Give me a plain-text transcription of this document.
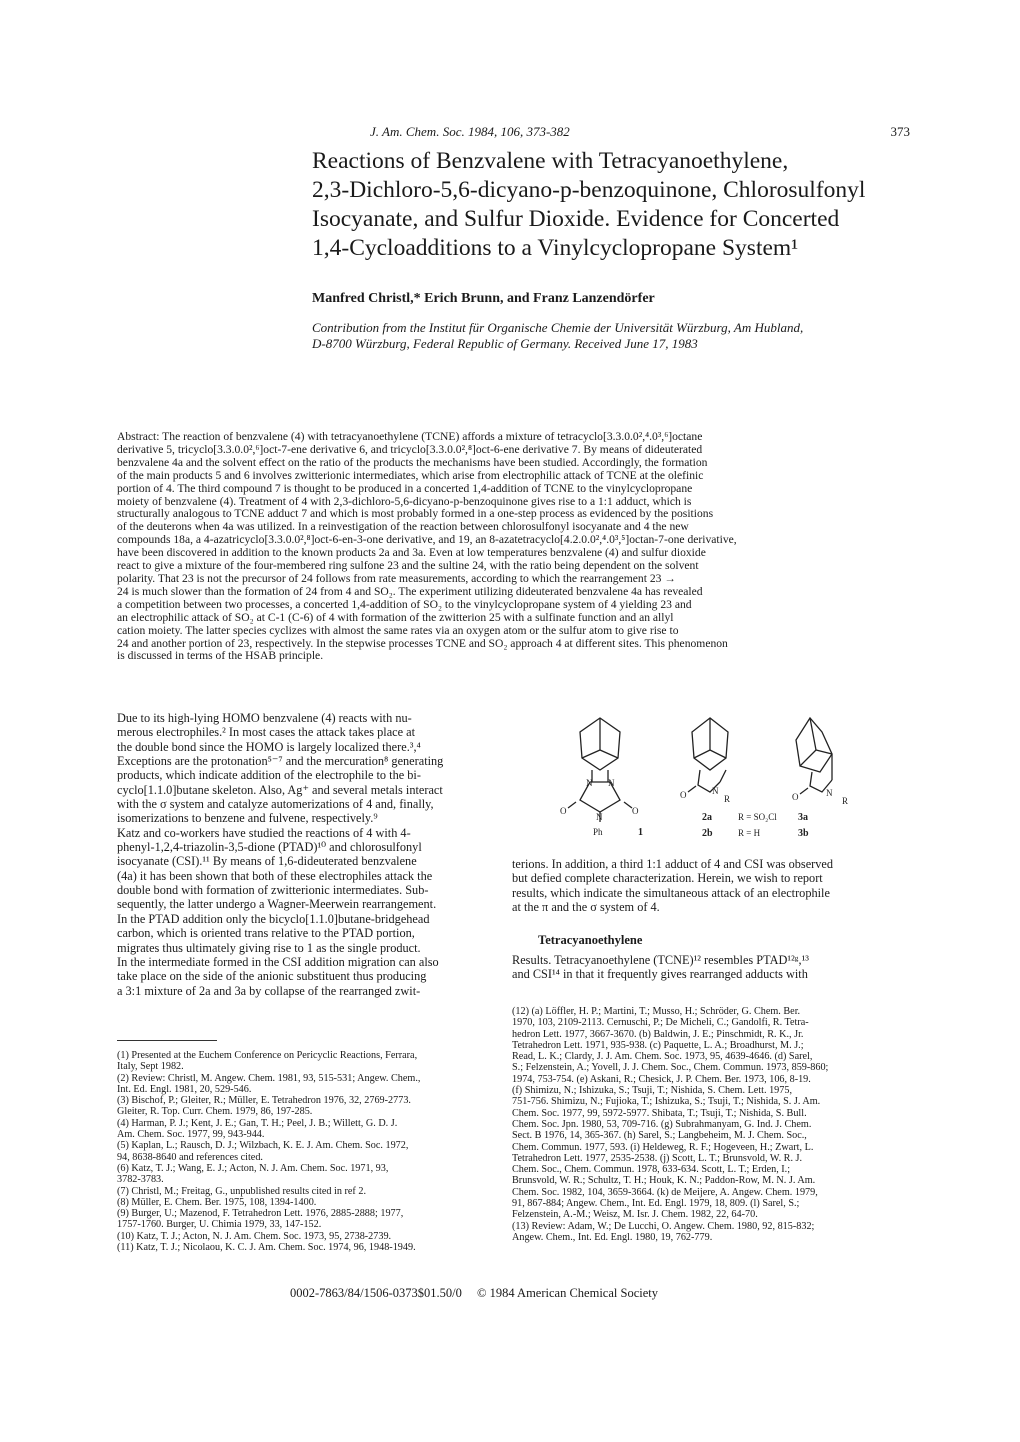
J. Am. Chem. Soc. 1984, 106, 373-382	373

Reactions of Benzvalene with Tetracyanoethylene,

2,3-Dichloro-5,6-dicyano-p-benzoquinone, Chlorosulfonyl

Isocyanate, and Sulfur Dioxide. Evidence for Concerted

1,4-Cycloadditions to a Vinylcyclopropane System¹

Manfred Christl,* Erich Brunn, and Franz Lanzendörfer

Contribution from the Institut für Organische Chemie der Universität Würzburg, Am Hubland,

D-8700 Würzburg, Federal Republic of Germany. Received June 17, 1983

Abstract: The reaction of benzvalene (4) with tetracyanoethylene (TCNE) affords a mixture of tetracyclo[3.3.0.0²,⁴.0³,⁶]octane

derivative 5, tricyclo[3.3.0.0²,⁶]oct-7-ene derivative 6, and tricyclo[3.3.0.0²,⁸]oct-6-ene derivative 7. By means of dideuterated

benzvalene 4a and the solvent effect on the ratio of the products the mechanisms have been studied. Accordingly, the formation

of the main products 5 and 6 involves zwitterionic intermediates, which arise from electrophilic attack of TCNE at the olefinic

portion of 4. The third compound 7 is thought to be produced in a concerted 1,4-addition of TCNE to the vinylcyclopropane

moiety of benzvalene (4). Treatment of 4 with 2,3-dichloro-5,6-dicyano-p-benzoquinone gives rise to a 1:1 adduct, which is

structurally analogous to TCNE adduct 7 and which is most probably formed in a one-step process as evidenced by the positions

of the deuterons when 4a was utilized. In a reinvestigation of the reaction between chlorosulfonyl isocyanate and 4 the new

compounds 18a, a 4-azatricyclo[3.3.0.0²,⁸]oct-6-en-3-one derivative, and 19, an 8-azatetracyclo[4.2.0.0²,⁴.0³,⁵]octan-7-one derivative,

have been discovered in addition to the known products 2a and 3a. Even at low temperatures benzvalene (4) and sulfur dioxide

react to give a mixture of the four-membered ring sulfone 23 and the sultine 24, with the ratio being dependent on the solvent

polarity. That 23 is not the precursor of 24 follows from rate measurements, according to which the rearrangement 23 →

24 is much slower than the formation of 24 from 4 and SO₂. The experiment utilizing dideuterated benzvalene 4a has revealed

a competition between two processes, a concerted 1,4-addition of SO₂ to the vinylcyclopropane system of 4 yielding 23 and

an electrophilic attack of SO₂ at C-1 (C-6) of 4 with formation of the zwitterion 25 with a sulfinate function and an allyl

cation moiety. The latter species cyclizes with almost the same rates via an oxygen atom or the sulfur atom to give rise to

24 and another portion of 23, respectively. In the stepwise processes TCNE and SO₂ approach 4 at different sites. This phenomenon

is discussed in terms of the HSAB principle.

Due to its high-lying HOMO benzvalene (4) reacts with nu-

merous electrophiles.² In most cases the attack takes place at

the double bond since the HOMO is largely localized there.³,⁴

Exceptions are the protonation⁵⁻⁷ and the mercuration⁸ generating

products, which indicate addition of the electrophile to the bi-

cyclo[1.1.0]butane skeleton. Also, Ag⁺ and several metals interact

with the σ system and catalyze automerizations of 4 and, finally,

isomerizations to benzene and fulvene, respectively.⁹

Katz and co-workers have studied the reactions of 4 with 4-

phenyl-1,2,4-triazolin-3,5-dione (PTAD)¹⁰ and chlorosulfonyl

isocyanate (CSI).¹¹ By means of 1,6-dideuterated benzvalene

(4a) it has been shown that both of these electrophiles attack the

double bond with formation of zwitterionic intermediates. Sub-

sequently, the latter undergo a Wagner-Meerwein rearrangement.

In the PTAD addition only the bicyclo[1.1.0]butane-bridgehead

carbon, which is oriented trans relative to the PTAD portion,

migrates thus ultimately giving rise to 1 as the single product.

In the intermediate formed in the CSI addition migration can also

take place on the side of the anionic substituent thus producing

a 3:1 mixture of 2a and 3a by collapse of the rearranged zwit-

(1) Presented at the Euchem Conference on Pericyclic Reactions, Ferrara,

Italy, Sept 1982.

(2) Review: Christl, M. Angew. Chem. 1981, 93, 515-531; Angew. Chem.,

Int. Ed. Engl. 1981, 20, 529-546.

(3) Bischof, P.; Gleiter, R.; Müller, E. Tetrahedron 1976, 32, 2769-2773.

Gleiter, R. Top. Curr. Chem. 1979, 86, 197-285.

(4) Harman, P. J.; Kent, J. E.; Gan, T. H.; Peel, J. B.; Willett, G. D. J.

Am. Chem. Soc. 1977, 99, 943-944.

(5) Kaplan, L.; Rausch, D. J.; Wilzbach, K. E. J. Am. Chem. Soc. 1972,

94, 8638-8640 and references cited.

(6) Katz, T. J.; Wang, E. J.; Acton, N. J. Am. Chem. Soc. 1971, 93,

3782-3783.

(7) Christl, M.; Freitag, G., unpublished results cited in ref 2.

(8) Müller, E. Chem. Ber. 1975, 108, 1394-1400.

(9) Burger, U.; Mazenod, F. Tetrahedron Lett. 1976, 2885-2888; 1977,

1757-1760. Burger, U. Chimia 1979, 33, 147-152.

(10) Katz, T. J.; Acton, N. J. Am. Chem. Soc. 1973, 95, 2738-2739.

(11) Katz, T. J.; Nicolaou, K. C. J. Am. Chem. Soc. 1974, 96, 1948-1949.

N N
N
O	O
Ph	1
O	N
R
2a	R = SO₂Cl 3a
2b	R = H	3b
O	N
R

terions. In addition, a third 1:1 adduct of 4 and CSI was observed

but defied complete characterization. Herein, we wish to report

results, which indicate the simultaneous attack of an electrophile

at the π and the σ system of 4.

Tetracyanoethylene

Results. Tetracyanoethylene (TCNE)¹² resembles PTAD¹²ᵍ,¹³

and CSI¹⁴ in that it frequently gives rearranged adducts with

(12) (a) Löffler, H. P.; Martini, T.; Musso, H.; Schröder, G. Chem. Ber.

1970, 103, 2109-2113. Cernuschi, P.; De Micheli, C.; Gandolfi, R. Tetra-

hedron Lett. 1977, 3667-3670. (b) Baldwin, J. E.; Pinschmidt, R. K., Jr.

Tetrahedron Lett. 1971, 935-938. (c) Paquette, L. A.; Broadhurst, M. J.;

Read, L. K.; Clardy, J. J. Am. Chem. Soc. 1973, 95, 4639-4646. (d) Sarel,

S.; Felzenstein, A.; Yovell, J. J. Chem. Soc., Chem. Commun. 1973, 859-860;

1974, 753-754. (e) Askani, R.; Chesick, J. P. Chem. Ber. 1973, 106, 8-19.

(f) Shimizu, N.; Ishizuka, S.; Tsuji, T.; Nishida, S. Chem. Lett. 1975,

751-756. Shimizu, N.; Fujioka, T.; Ishizuka, S.; Tsuji, T.; Nishida, S. J. Am.

Chem. Soc. 1977, 99, 5972-5977. Shibata, T.; Tsuji, T.; Nishida, S. Bull.

Chem. Soc. Jpn. 1980, 53, 709-716. (g) Subrahmanyam, G. Ind. J. Chem.

Sect. B 1976, 14, 365-367. (h) Sarel, S.; Langbeheim, M. J. Chem. Soc.,

Chem. Commun. 1977, 593. (i) Heldeweg, R. F.; Hogeveen, H.; Zwart, L.

Tetrahedron Lett. 1977, 2535-2538. (j) Scott, L. T.; Brunsvold, W. R. J.

Chem. Soc., Chem. Commun. 1978, 633-634. Scott, L. T.; Erden, I.;

Brunsvold, W. R.; Schultz, T. H.; Houk, K. N.; Paddon-Row, M. N. J. Am.

Chem. Soc. 1982, 104, 3659-3664. (k) de Meijere, A. Angew. Chem. 1979,

91, 867-884; Angew. Chem., Int. Ed. Engl. 1979, 18, 809. (l) Sarel, S.;

Felzenstein, A.-M.; Weisz, M. Isr. J. Chem. 1982, 22, 64-70.

(13) Review: Adam, W.; De Lucchi, O. Angew. Chem. 1980, 92, 815-832;

Angew. Chem., Int. Ed. Engl. 1980, 19, 762-779.

0002-7863/84/1506-0373$01.50/0 © 1984 American Chemical Society
